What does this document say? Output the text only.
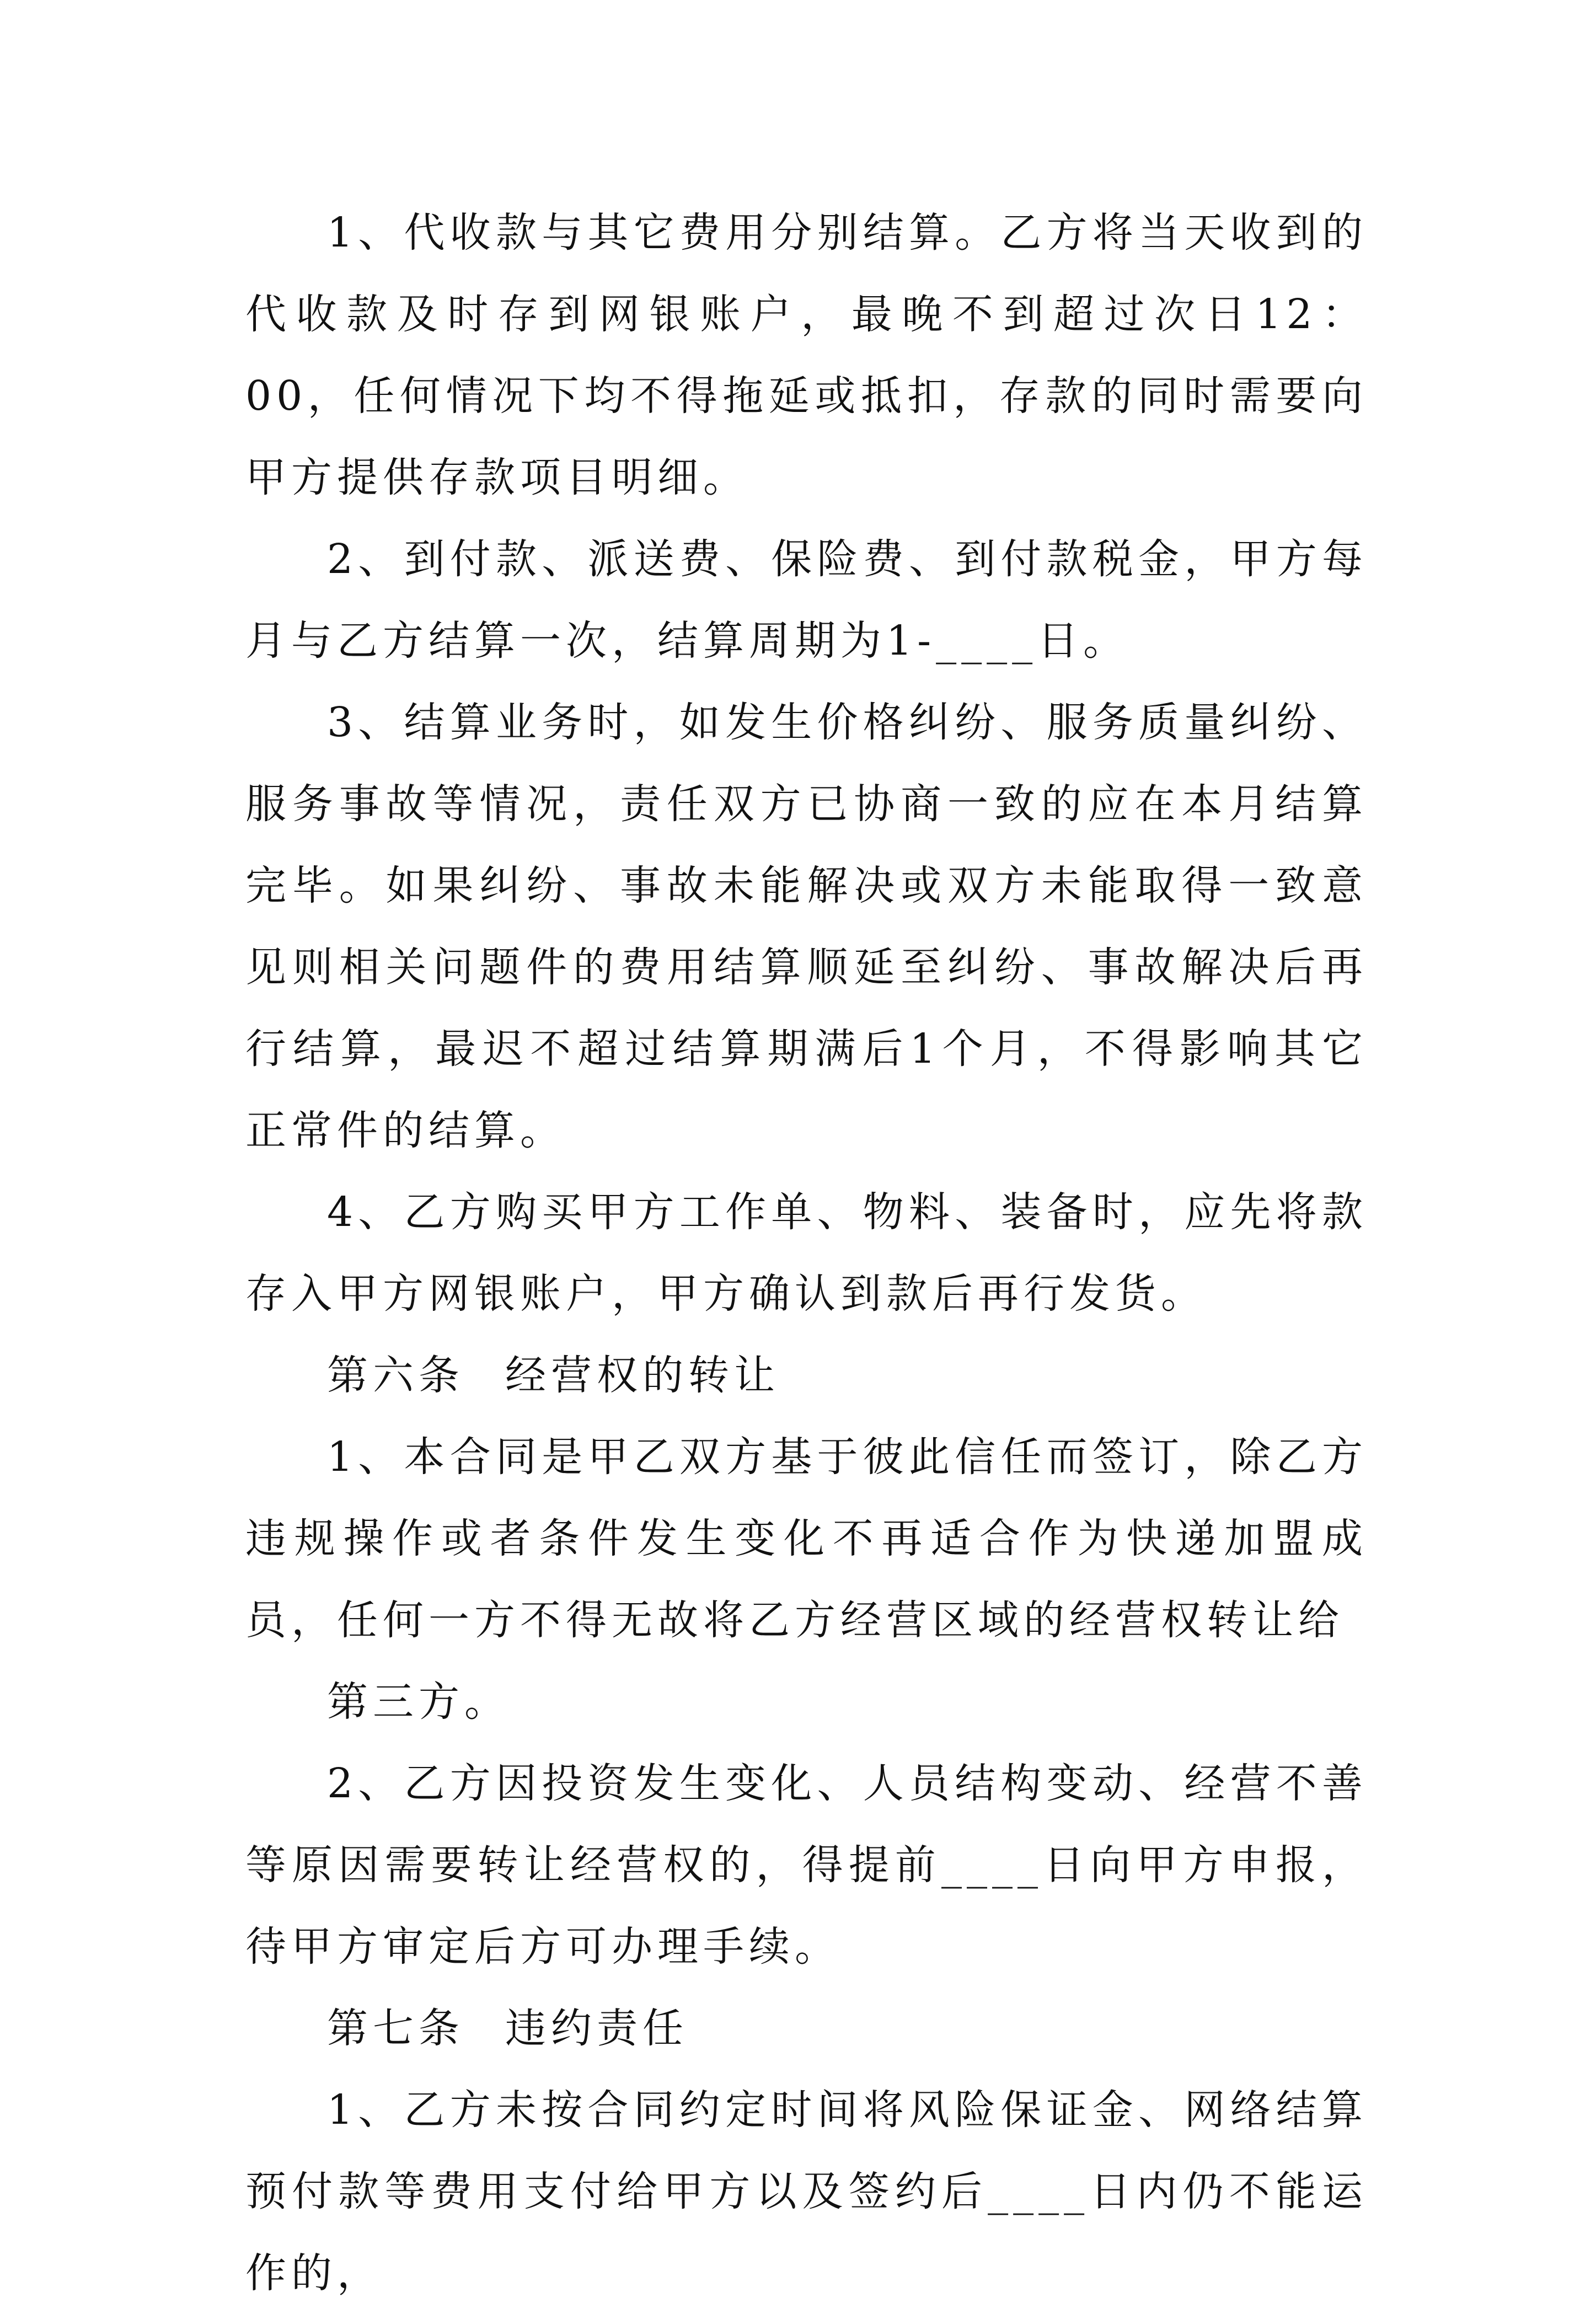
1、代收款与其它费用分别结算。乙方将当天收到的代收款及时存到网银账户，最晚不到超过次日12：00，任何情况下均不得拖延或抵扣，存款的同时需要向甲方提供存款项目明细。

2、到付款、派送费、保险费、到付款税金，甲方每月与乙方结算一次，结算周期为1-____日。

3、结算业务时，如发生价格纠纷、服务质量纠纷、服务事故等情况，责任双方已协商一致的应在本月结算完毕。如果纠纷、事故未能解决或双方未能取得一致意见则相关问题件的费用结算顺延至纠纷、事故解决后再行结算，最迟不超过结算期满后1个月，不得影响其它正常件的结算。

4、乙方购买甲方工作单、物料、装备时，应先将款存入甲方网银账户，甲方确认到款后再行发货。

第六条 经营权的转让

1、本合同是甲乙双方基于彼此信任而签订，除乙方违规操作或者条件发生变化不再适合作为快递加盟成员，任何一方不得无故将乙方经营区域的经营权转让给

第三方。

2、乙方因投资发生变化、人员结构变动、经营不善等原因需要转让经营权的，得提前____日向甲方申报，待甲方审定后方可办理手续。

第七条 违约责任

1、乙方未按合同约定时间将风险保证金、网络结算预付款等费用支付给甲方以及签约后____日内仍不能运作的，
